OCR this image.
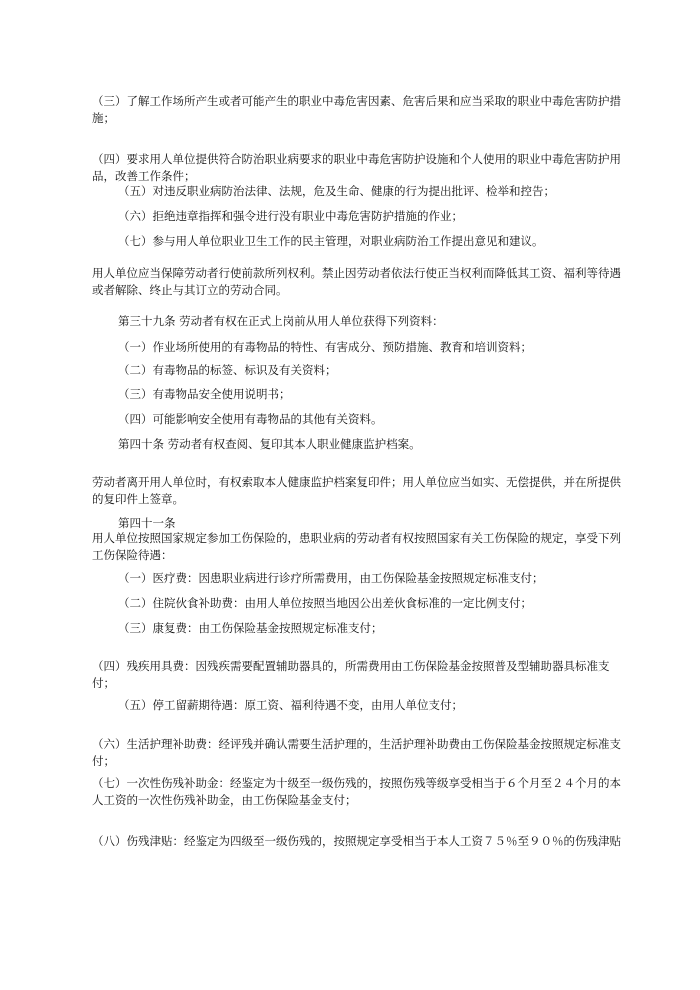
（三）了解工作场所产生或者可能产生的职业中毒危害因素、危害后果和应当采取的职业中毒危害防护措施；

（四）要求用人单位提供符合防治职业病要求的职业中毒危害防护设施和个人使用的职业中毒危害防护用品，改善工作条件；

（五）对违反职业病防治法律、法规，危及生命、健康的行为提出批评、检举和控告；

（六）拒绝违章指挥和强令进行没有职业中毒危害防护措施的作业；

（七）参与用人单位职业卫生工作的民主管理，对职业病防治工作提出意见和建议。

用人单位应当保障劳动者行使前款所列权利。禁止因劳动者依法行使正当权利而降低其工资、福利等待遇或者解除、终止与其订立的劳动合同。

第三十九条 劳动者有权在正式上岗前从用人单位获得下列资料：

（一）作业场所使用的有毒物品的特性、有害成分、预防措施、教育和培训资料；

（二）有毒物品的标签、标识及有关资料；

（三）有毒物品安全使用说明书；

（四）可能影响安全使用有毒物品的其他有关资料。

第四十条 劳动者有权查阅、复印其本人职业健康监护档案。

劳动者离开用人单位时，有权索取本人健康监护档案复印件；用人单位应当如实、无偿提供，并在所提供的复印件上签章。

第四十一条

用人单位按照国家规定参加工伤保险的，患职业病的劳动者有权按照国家有关工伤保险的规定，享受下列工伤保险待遇：

（一）医疗费：因患职业病进行诊疗所需费用，由工伤保险基金按照规定标准支付；

（二）住院伙食补助费：由用人单位按照当地因公出差伙食标准的一定比例支付；

（三）康复费：由工伤保险基金按照规定标准支付；

（四）残疾用具费：因残疾需要配置辅助器具的，所需费用由工伤保险基金按照普及型辅助器具标准支付；

（五）停工留薪期待遇：原工资、福利待遇不变，由用人单位支付；

（六）生活护理补助费：经评残并确认需要生活护理的，生活护理补助费由工伤保险基金按照规定标准支付；

（七）一次性伤残补助金：经鉴定为十级至一级伤残的，按照伤残等级享受相当于６个月至２４个月的本人工资的一次性伤残补助金，由工伤保险基金支付；

（八）伤残津贴：经鉴定为四级至一级伤残的，按照规定享受相当于本人工资７５％至９０％的伤残津贴
